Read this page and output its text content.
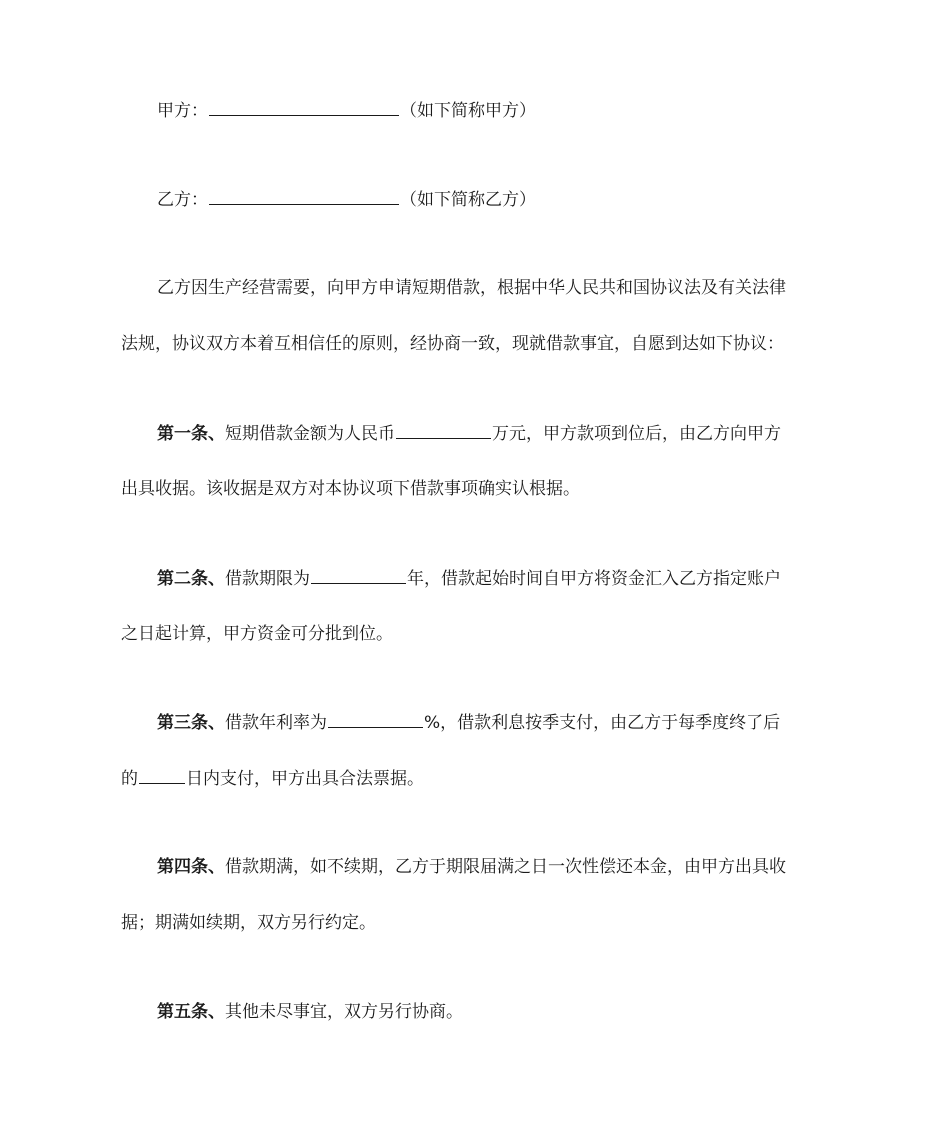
甲方：	（如下简称甲方）
乙方：	（如下简称乙方）
乙方因生产经营需要，向甲方申请短期借款，根据中华人民共和国协议法及有关法律
法规，协议双方本着互相信任的原则，经协商一致，现就借款事宜，自愿到达如下协议：
第一条、短期借款金额为人民币	万元，甲方款项到位后，由乙方向甲方
出具收据。该收据是双方对本协议项下借款事项确实认根据。
第二条、借款期限为	年，借款起始时间自甲方将资金汇入乙方指定账户
之日起计算，甲方资金可分批到位。
第三条、借款年利率为	%，借款利息按季支付，由乙方于每季度终了后
的	日内支付，甲方出具合法票据。
第四条、借款期满，如不续期，乙方于期限届满之日一次性偿还本金，由甲方出具收
据；期满如续期，双方另行约定。
第五条、其他未尽事宜，双方另行协商。
